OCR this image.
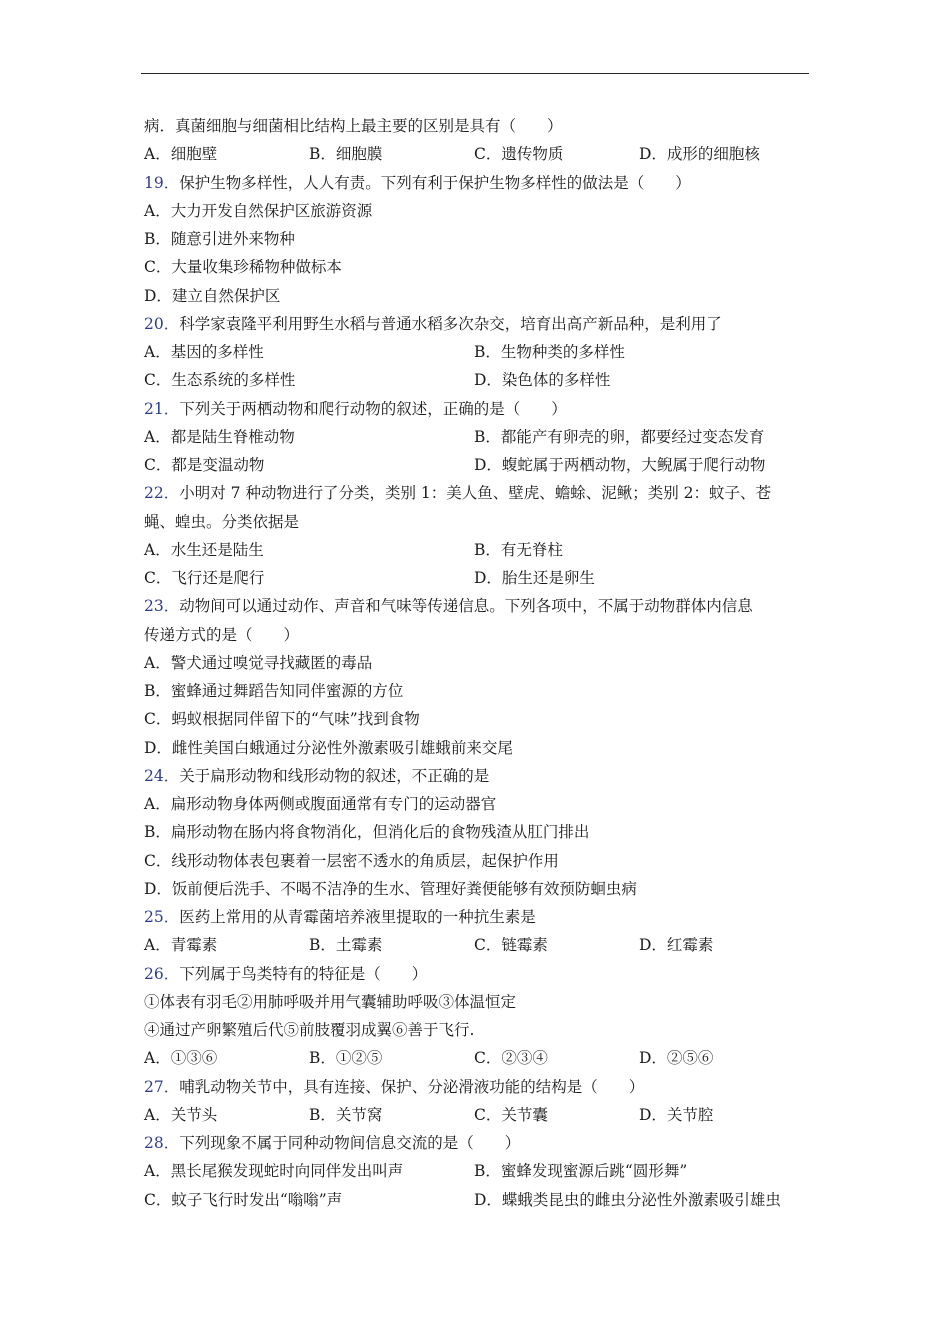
病．真菌细胞与细菌相比结构上最主要的区别是具有（　　）
A．细胞壁	B．细胞膜	C．遗传物质	D．成形的细胞核
19．保护生物多样性，人人有责。下列有利于保护生物多样性的做法是（　　）
A．大力开发自然保护区旅游资源
B．随意引进外来物种
C．大量收集珍稀物种做标本
D．建立自然保护区
20．科学家袁隆平利用野生水稻与普通水稻多次杂交，培育出高产新品种，是利用了
A．基因的多样性	B．生物种类的多样性
C．生态系统的多样性	D．染色体的多样性
21．下列关于两栖动物和爬行动物的叙述，正确的是（　　）
A．都是陆生脊椎动物	B．都能产有卵壳的卵，都要经过变态发育
C．都是变温动物	D．蝮蛇属于两栖动物，大鲵属于爬行动物
22．小明对 7 种动物进行了分类，类别 1：美人鱼、壁虎、蟾蜍、泥鳅；类别 2：蚊子、苍
蝇、蝗虫。分类依据是
A．水生还是陆生	B．有无脊柱
C．飞行还是爬行	D．胎生还是卵生
23．动物间可以通过动作、声音和气味等传递信息。下列各项中，不属于动物群体内信息
传递方式的是（　　）
A．警犬通过嗅觉寻找藏匿的毒品
B．蜜蜂通过舞蹈告知同伴蜜源的方位
C．蚂蚁根据同伴留下的“气味”找到食物
D．雌性美国白蛾通过分泌性外激素吸引雄蛾前来交尾
24．关于扁形动物和线形动物的叙述，不正确的是
A．扁形动物身体两侧或腹面通常有专门的运动器官
B．扁形动物在肠内将食物消化，但消化后的食物残渣从肛门排出
C．线形动物体表包裹着一层密不透水的角质层，起保护作用
D．饭前便后洗手、不喝不洁净的生水、管理好粪便能够有效预防蛔虫病
25．医药上常用的从青霉菌培养液里提取的一种抗生素是
A．青霉素	B．土霉素	C．链霉素	D．红霉素
26．下列属于鸟类特有的特征是（　　）
①体表有羽毛②用肺呼吸并用气囊辅助呼吸③体温恒定
④通过产卵繁殖后代⑤前肢覆羽成翼⑥善于飞行.
A．①③⑥	B．①②⑤	C．②③④	D．②⑤⑥
27．哺乳动物关节中，具有连接、保护、分泌滑液功能的结构是（　　）
A．关节头	B．关节窝	C．关节囊	D．关节腔
28．下列现象不属于同种动物间信息交流的是（　　）
A．黑长尾猴发现蛇时向同伴发出叫声	B．蜜蜂发现蜜源后跳“圆形舞”
C．蚊子飞行时发出“嗡嗡”声	D．蝶蛾类昆虫的雌虫分泌性外激素吸引雄虫
